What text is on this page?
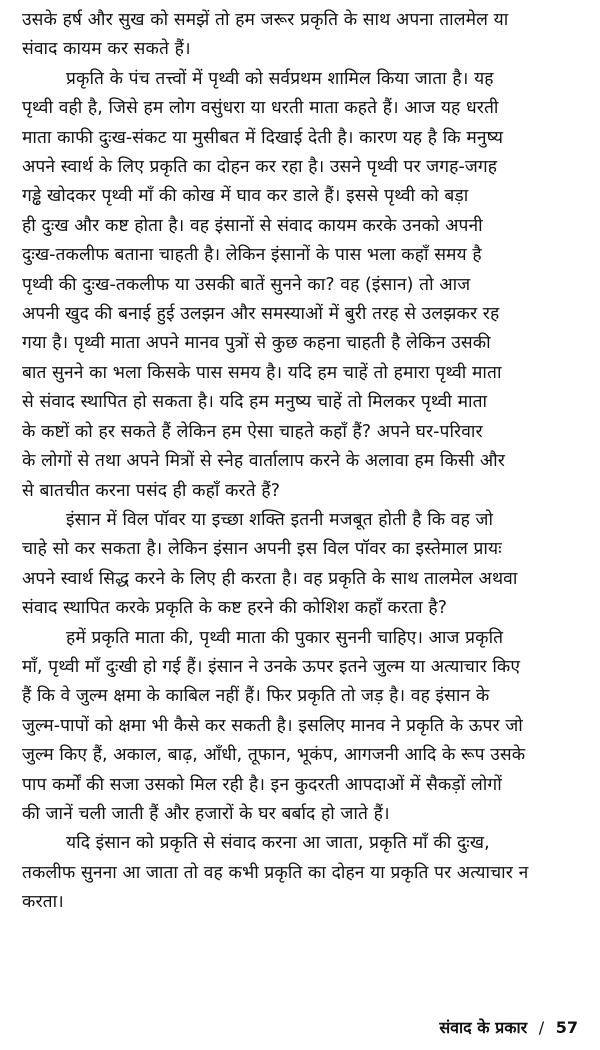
उसके हर्ष और सुख को समझें तो हम जरूर प्रकृति के साथ अपना तालमेल या
संवाद कायम कर सकते हैं।
प्रकृति के पंच तत्त्वों में पृथ्वी को सर्वप्रथम शामिल किया जाता है। यह
पृथ्वी वही है, जिसे हम लोग वसुंधरा या धरती माता कहते हैं। आज यह धरती
माता काफी दुःख-संकट या मुसीबत में दिखाई देती है। कारण यह है कि मनुष्य
अपने स्वार्थ के लिए प्रकृति का दोहन कर रहा है। उसने पृथ्वी पर जगह-जगह
गड्ढे खोदकर पृथ्वी माँ की कोख में घाव कर डाले हैं। इससे पृथ्वी को बड़ा
ही दुःख और कष्ट होता है। वह इंसानों से संवाद कायम करके उनको अपनी
दुःख-तकलीफ बताना चाहती है। लेकिन इंसानों के पास भला कहाँ समय है
पृथ्वी की दुःख-तकलीफ या उसकी बातें सुनने का? वह (इंसान) तो आज
अपनी खुद की बनाई हुई उलझन और समस्याओं में बुरी तरह से उलझकर रह
गया है। पृथ्वी माता अपने मानव पुत्रों से कुछ कहना चाहती है लेकिन उसकी
बात सुनने का भला किसके पास समय है। यदि हम चाहें तो हमारा पृथ्वी माता
से संवाद स्थापित हो सकता है। यदि हम मनुष्य चाहें तो मिलकर पृथ्वी माता
के कष्टों को हर सकते हैं लेकिन हम ऐसा चाहते कहाँ हैं? अपने घर-परिवार
के लोगों से तथा अपने मित्रों से स्नेह वार्तालाप करने के अलावा हम किसी और
से बातचीत करना पसंद ही कहाँ करते हैं?
इंसान में विल पॉवर या इच्छा शक्ति इतनी मजबूत होती है कि वह जो
चाहे सो कर सकता है। लेकिन इंसान अपनी इस विल पॉवर का इस्तेमाल प्रायः
अपने स्वार्थ सिद्ध करने के लिए ही करता है। वह प्रकृति के साथ तालमेल अथवा
संवाद स्थापित करके प्रकृति के कष्ट हरने की कोशिश कहाँ करता है?
हमें प्रकृति माता की, पृथ्वी माता की पुकार सुननी चाहिए। आज प्रकृति
माँ, पृथ्वी माँ दुःखी हो गई हैं। इंसान ने उनके ऊपर इतने जुल्म या अत्याचार किए
हैं कि वे जुल्म क्षमा के काबिल नहीं हैं। फिर प्रकृति तो जड़ है। वह इंसान के
जुल्म-पापों को क्षमा भी कैसे कर सकती है। इसलिए मानव ने प्रकृति के ऊपर जो
जुल्म किए हैं, अकाल, बाढ़, आँधी, तूफान, भूकंप, आगजनी आदि के रूप उसके
पाप कर्मों की सजा उसको मिल रही है। इन कुदरती आपदाओं में सैकड़ों लोगों
की जानें चली जाती हैं और हजारों के घर बर्बाद हो जाते हैं।
यदि इंसान को प्रकृति से संवाद करना आ जाता, प्रकृति माँ की दुःख,
तकलीफ सुनना आ जाता तो वह कभी प्रकृति का दोहन या प्रकृति पर अत्याचार न
करता।
संवाद के प्रकार / 57
